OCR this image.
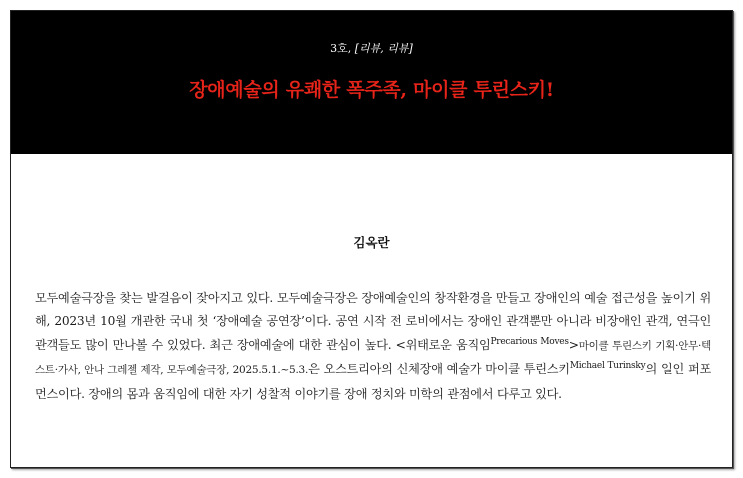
3호, [리뷰, 리뷰]
장애예술의 유쾌한 폭주족, 마이클 투린스키!
김옥란
모두예술극장을 찾는 발걸음이 잦아지고 있다. 모두예술극장은 장애예술인의 창작환경을 만들고 장애인의 예술 접근성을 높이기 위해, 2023년 10월 개관한 국내 첫 ‘장애예술 공연장’이다. 공연 시작 전 로비에서는 장애인 관객뿐만 아니라 비장애인 관객, 연극인 관객들도 많이 만나볼 수 있었다. 최근 장애예술에 대한 관심이 높다. <위태로운 움직임$^{Precarious Moves}$>마이클 투린스키 기획·안무·텍스트·가사, 안나 그레젤 제작, 모두예술극장, 2025.5.1.~5.3.은 오스트리아의 신체장애 예술가 마이클 투린스키$^{Michael Turinsky}$의 일인 퍼포먼스이다. 장애의 몸과 움직임에 대한 자기 성찰적 이야기를 장애 정치와 미학의 관점에서 다루고 있다.
